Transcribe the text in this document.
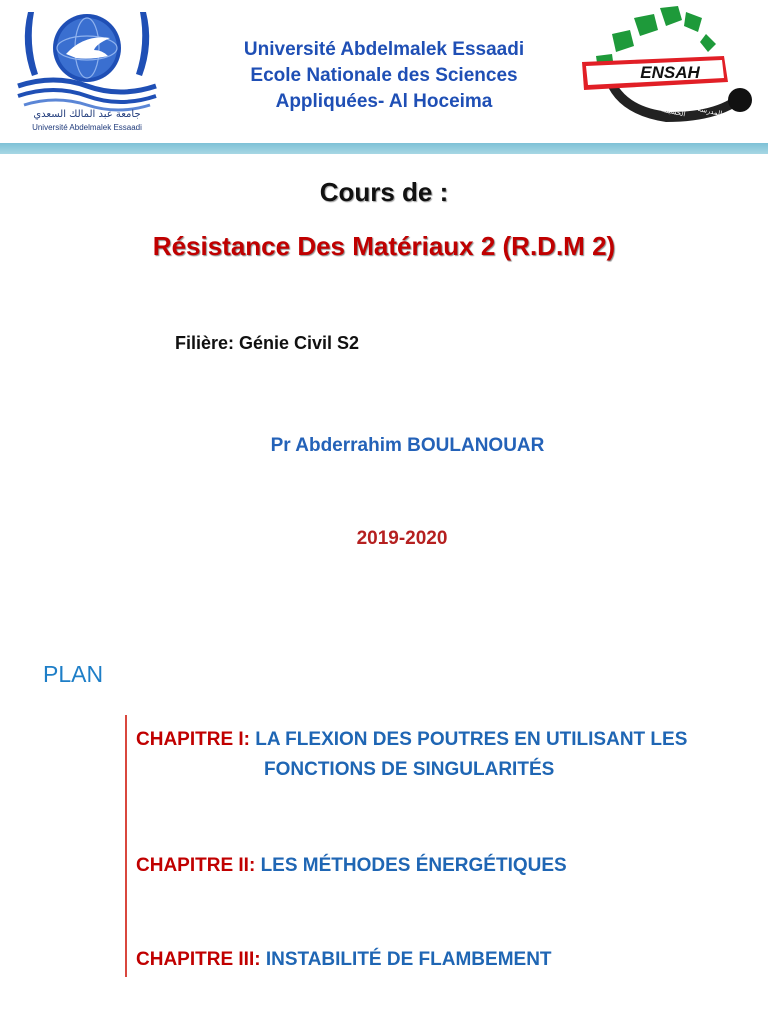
جامعة عبد المالك السعدي
Université Abdelmalek Essaadi
Université Abdelmalek Essaadi
Ecole Nationale des Sciences
Appliquées- Al Hoceima
ENSAH
المدرسة الوطنية للعلوم التطبيقية الحسيمة
Cours de :
Résistance Des Matériaux 2 (R.D.M 2)
Filière: Génie Civil S2
Pr Abderrahim BOULANOUAR
2019-2020
PLAN
CHAPITRE I: LA FLEXION DES POUTRES EN UTILISANT LES
FONCTIONS DE SINGULARITÉS
CHAPITRE II: LES MÉTHODES ÉNERGÉTIQUES
CHAPITRE III: INSTABILITÉ DE FLAMBEMENT
